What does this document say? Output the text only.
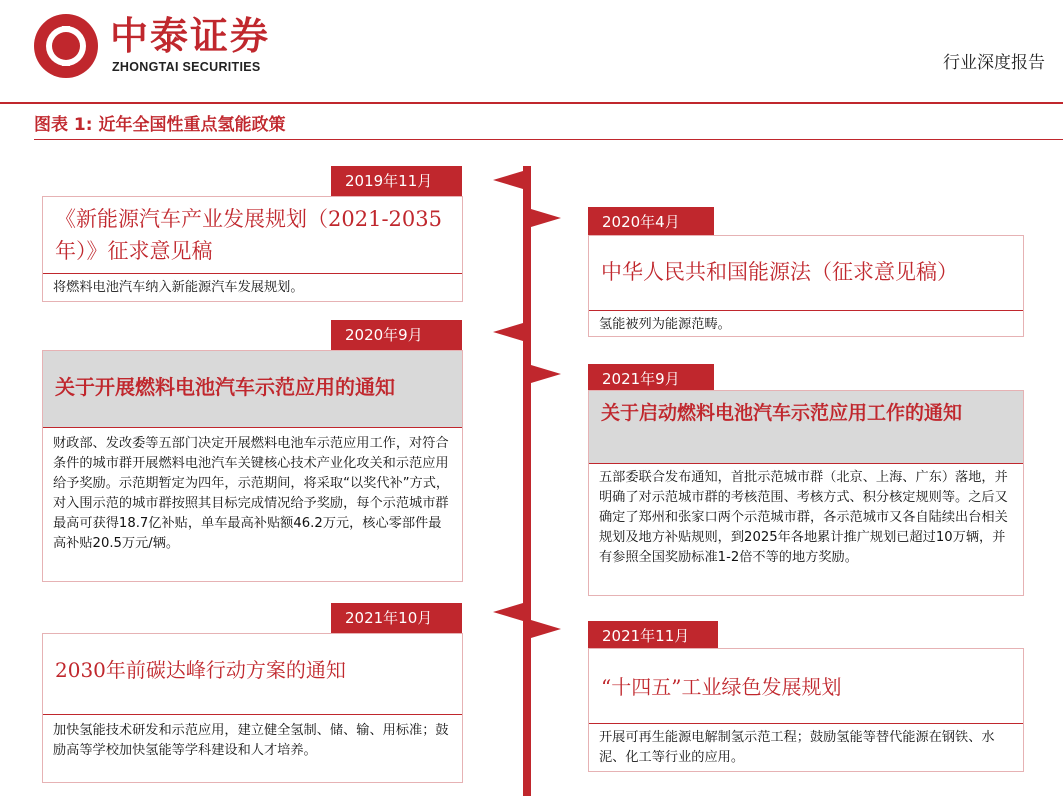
中泰证券
ZHONGTAI SECURITIES	行业深度报告
图表 1: 近年全国性重点氢能政策
2019年11月
《新能源汽车产业发展规划（2021-2035年）》征求意见稿
将燃料电池汽车纳入新能源汽车发展规划。
2020年4月
中华人民共和国能源法（征求意见稿）
氢能被列为能源范畴。
2020年9月
关于开展燃料电池汽车示范应用的通知
财政部、发改委等五部门决定开展燃料电池车示范应用工作，对符合条件的城市群开展燃料电池汽车关键核心技术产业化攻关和示范应用给予奖励。示范期暂定为四年，示范期间，将采取“以奖代补”方式，对入围示范的城市群按照其目标完成情况给予奖励，每个示范城市群最高可获得18.7亿补贴，单车最高补贴额46.2万元，核心零部件最高补贴20.5万元/辆。
2021年9月
关于启动燃料电池汽车示范应用工作的通知
五部委联合发布通知，首批示范城市群（北京、上海、广东）落地，并明确了对示范城市群的考核范围、考核方式、积分核定规则等。之后又确定了郑州和张家口两个示范城市群，各示范城市又各自陆续出台相关规划及地方补贴规则，到2025年各地累计推广规划已超过10万辆，并有参照全国奖励标准1-2倍不等的地方奖励。
2021年10月
2030年前碳达峰行动方案的通知
加快氢能技术研发和示范应用，建立健全氢制、储、输、用标准；鼓励高等学校加快氢能等学科建设和人才培养。
2021年11月
“十四五”工业绿色发展规划
开展可再生能源电解制氢示范工程；鼓励氢能等替代能源在钢铁、水泥、化工等行业的应用。
